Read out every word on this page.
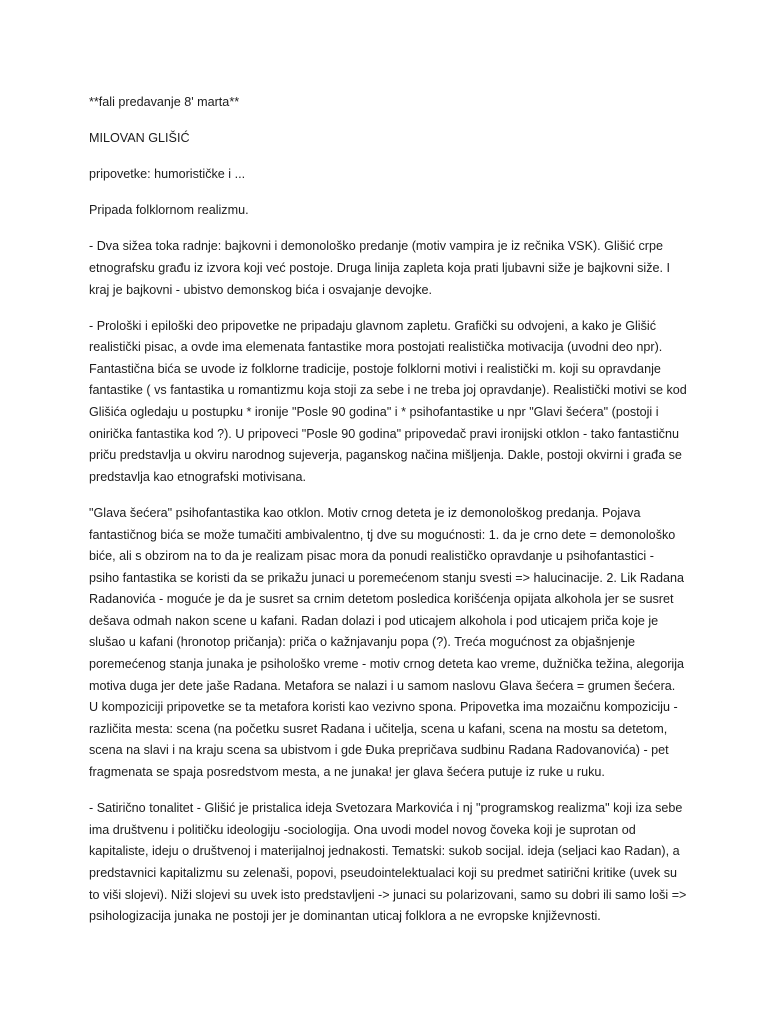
**fali predavanje 8' marta**

MILOVAN GLIŠIĆ

pripovetke: humorističke i ...

Pripada folklornom realizmu.

- Dva sižea toka radnje: bajkovni i demonološko predanje (motiv vampira je iz rečnika VSK). Glišić crpe etnografsku građu iz izvora koji već postoje. Druga linija zapleta koja prati ljubavni siže je bajkovni siže. I kraj je bajkovni - ubistvo demonskog bića i osvajanje devojke.

- Prološki i epiloški deo pripovetke ne pripadaju glavnom zapletu. Grafički su odvojeni, a kako je Glišić realistički pisac, a ovde ima elemenata fantastike mora postojati realistička motivacija (uvodni deo npr). Fantastična bića se uvode iz folklorne tradicije, postoje folklorni motivi i realistički m. koji su opravdanje fantastike ( vs fantastika u romantizmu koja stoji za sebe i ne treba joj opravdanje). Realistički motivi se kod Glišića ogledaju u postupku * ironije "Posle 90 godina" i * psihofantastike u npr "Glavi šećera" (postoji i onirička fantastika kod ?). U pripoveci "Posle 90 godina" pripovedač pravi ironijski otklon - tako fantastičnu priču predstavlja u okviru narodnog sujeverja, paganskog načina mišljenja. Dakle, postoji okvirni i građa se predstavlja kao etnografski motivisana.

"Glava šećera" psihofantastika kao otklon. Motiv crnog deteta je iz demonološkog predanja. Pojava fantastičnog bića se može tumačiti ambivalentno, tj dve su mogućnosti: 1. da je crno dete = demonološko biće, ali s obzirom na to da je realizam pisac mora da ponudi realističko opravdanje u psihofantastici - psiho fantastika se koristi da se prikažu junaci u poremećenom stanju svesti => halucinacije. 2. Lik Radana Radanovića - moguće je da je susret sa crnim detetom posledica korišćenja opijata alkohola jer se susret dešava odmah nakon scene u kafani. Radan dolazi i pod uticajem alkohola i pod uticajem priča koje je slušao u kafani (hronotop pričanja): priča o kažnjavanju popa (?). Treća mogućnost za objašnjenje poremećenog stanja junaka je psihološko vreme - motiv crnog deteta kao vreme, dužnička težina, alegorija motiva duga jer dete jaše Radana. Metafora se nalazi i u samom naslovu Glava šećera = grumen šećera. U kompoziciji pripovetke se ta metafora koristi kao vezivno spona. Pripovetka ima mozaičnu kompoziciju - različita mesta: scena (na početku susret Radana i učitelja, scena u kafani, scena na mostu sa detetom, scena na slavi i na kraju scena sa ubistvom i gde Đuka prepričava sudbinu Radana Radovanovića) - pet fragmenata se spaja posredstvom mesta, a ne junaka! jer glava šećera putuje iz ruke u ruku.

- Satirično tonalitet - Glišić je pristalica ideja Svetozara Markovića i nj "programskog realizma" koji iza sebe ima društvenu i političku ideologiju -sociologija. Ona uvodi model novog čoveka koji je suprotan od kapitaliste, ideju o društvenoj i materijalnoj jednakosti. Tematski: sukob socijal. ideja (seljaci kao Radan), a predstavnici kapitalizmu su zelenaši, popovi, pseudointelektualaci koji su predmet satirični kritike (uvek su to viši slojevi). Niži slojevi su uvek isto predstavljeni -> junaci su polarizovani, samo su dobri ili samo loši => psihologizacija junaka ne postoji jer je dominantan uticaj folklora a ne evropske književnosti.
